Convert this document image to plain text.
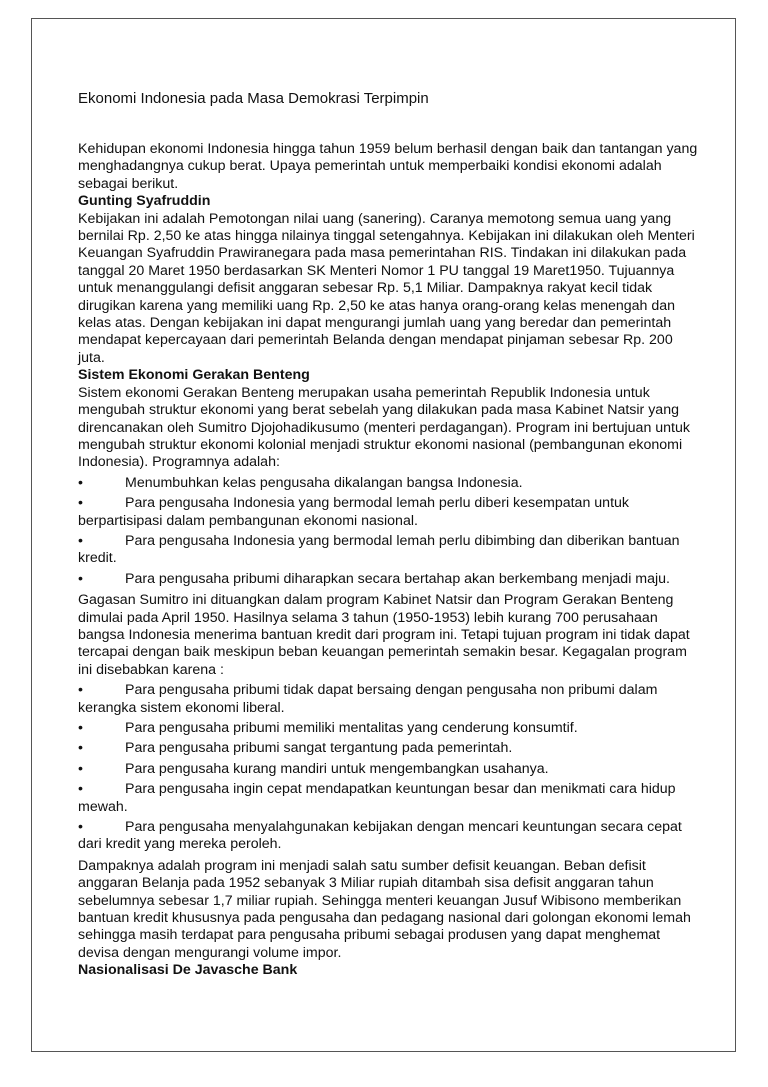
Ekonomi Indonesia pada Masa Demokrasi Terpimpin

Kehidupan ekonomi Indonesia hingga tahun 1959 belum berhasil dengan baik dan tantangan yang menghadangnya cukup berat. Upaya pemerintah untuk memperbaiki kondisi ekonomi adalah sebagai berikut.

Gunting Syafruddin

Kebijakan ini adalah Pemotongan nilai uang (sanering). Caranya memotong semua uang yang bernilai Rp. 2,50 ke atas hingga nilainya tinggal setengahnya. Kebijakan ini dilakukan oleh Menteri Keuangan Syafruddin Prawiranegara pada masa pemerintahan RIS. Tindakan ini dilakukan pada tanggal 20 Maret 1950 berdasarkan SK Menteri Nomor 1 PU tanggal 19 Maret1950. Tujuannya untuk menanggulangi defisit anggaran sebesar Rp. 5,1 Miliar. Dampaknya rakyat kecil tidak dirugikan karena yang memiliki uang Rp. 2,50 ke atas hanya orang-orang kelas menengah dan kelas atas. Dengan kebijakan ini dapat mengurangi jumlah uang yang beredar dan pemerintah mendapat kepercayaan dari pemerintah Belanda dengan mendapat pinjaman sebesar Rp. 200 juta.

Sistem Ekonomi Gerakan Benteng

Sistem ekonomi Gerakan Benteng merupakan usaha pemerintah Republik Indonesia untuk mengubah struktur ekonomi yang berat sebelah yang dilakukan pada masa Kabinet Natsir yang direncanakan oleh Sumitro Djojohadikusumo (menteri perdagangan). Program ini bertujuan untuk mengubah struktur ekonomi kolonial menjadi struktur ekonomi nasional (pembangunan ekonomi Indonesia). Programnya adalah:

•	Menumbuhkan kelas pengusaha dikalangan bangsa Indonesia.
•	Para pengusaha Indonesia yang bermodal lemah perlu diberi kesempatan untuk berpartisipasi dalam pembangunan ekonomi nasional.
•	Para pengusaha Indonesia yang bermodal lemah perlu dibimbing dan diberikan bantuan kredit.
•	Para pengusaha pribumi diharapkan secara bertahap akan berkembang menjadi maju.

Gagasan Sumitro ini dituangkan dalam program Kabinet Natsir dan Program Gerakan Benteng dimulai pada April 1950. Hasilnya selama 3 tahun (1950-1953) lebih kurang 700 perusahaan bangsa Indonesia menerima bantuan kredit dari program ini. Tetapi tujuan program ini tidak dapat tercapai dengan baik meskipun beban keuangan pemerintah semakin besar. Kegagalan program ini disebabkan karena :

•	Para pengusaha pribumi tidak dapat bersaing dengan pengusaha non pribumi dalam kerangka sistem ekonomi liberal.
•	Para pengusaha pribumi memiliki mentalitas yang cenderung konsumtif.
•	Para pengusaha pribumi sangat tergantung pada pemerintah.
•	Para pengusaha kurang mandiri untuk mengembangkan usahanya.
•	Para pengusaha ingin cepat mendapatkan keuntungan besar dan menikmati cara hidup mewah.
•	Para pengusaha menyalahgunakan kebijakan dengan mencari keuntungan secara cepat dari kredit yang mereka peroleh.

Dampaknya adalah program ini menjadi salah satu sumber defisit keuangan. Beban defisit anggaran Belanja pada 1952 sebanyak 3 Miliar rupiah ditambah sisa defisit anggaran tahun sebelumnya sebesar 1,7 miliar rupiah. Sehingga menteri keuangan Jusuf Wibisono memberikan bantuan kredit khususnya pada pengusaha dan pedagang nasional dari golongan ekonomi lemah sehingga masih terdapat para pengusaha pribumi sebagai produsen yang dapat menghemat devisa dengan mengurangi volume impor.

Nasionalisasi De Javasche Bank
